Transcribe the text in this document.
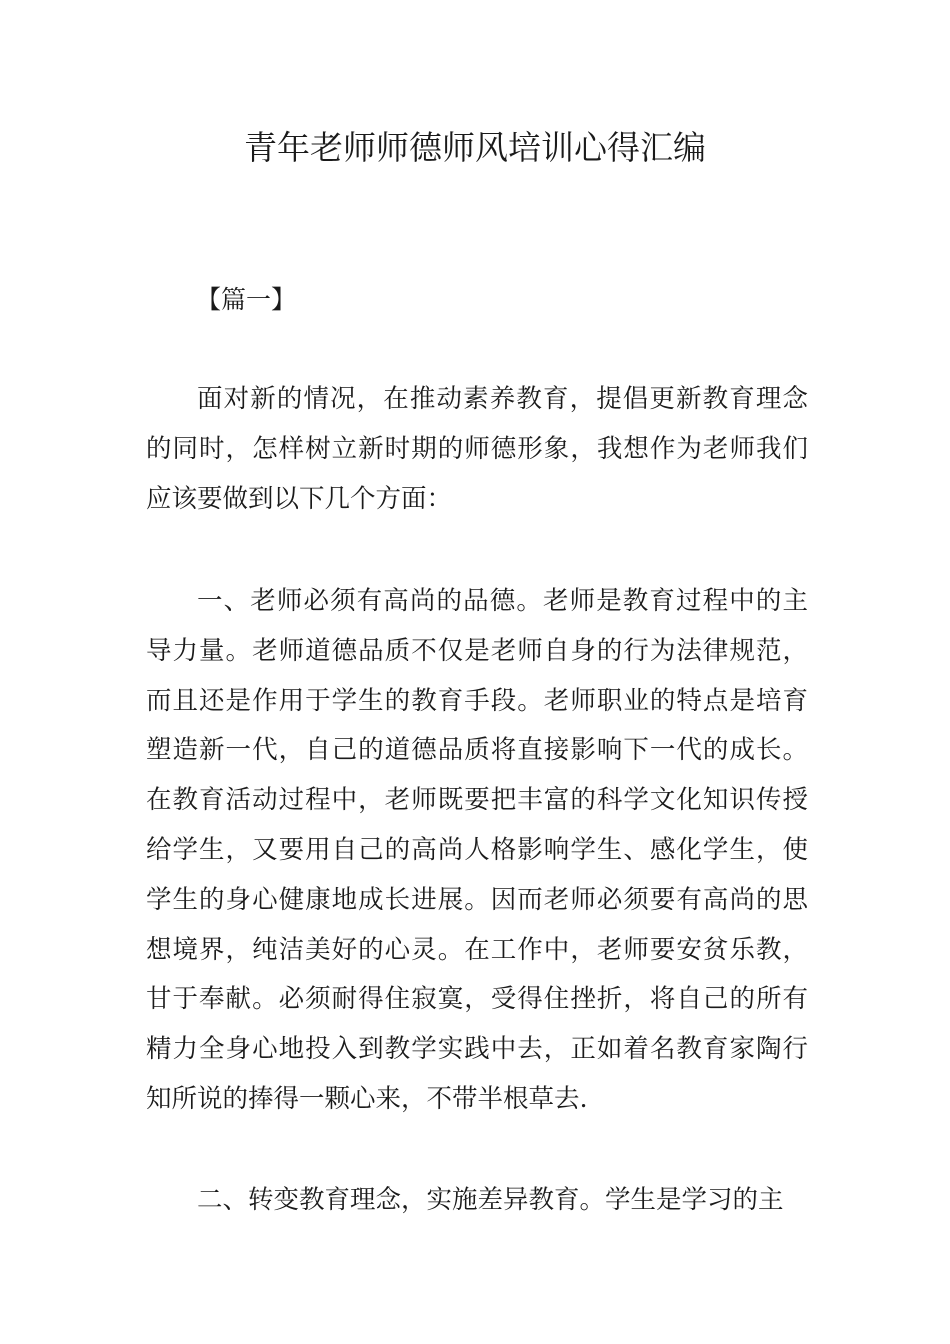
青年老师师德师风培训心得汇编

【篇一】

面对新的情况，在推动素养教育，提倡更新教育理念的同时，怎样树立新时期的师德形象，我想作为老师我们应该要做到以下几个方面：

一、老师必须有高尚的品德。老师是教育过程中的主导力量。老师道德品质不仅是老师自身的行为法律规范，而且还是作用于学生的教育手段。老师职业的特点是培育塑造新一代，自己的道德品质将直接影响下一代的成长。在教育活动过程中，老师既要把丰富的科学文化知识传授给学生，又要用自己的高尚人格影响学生、感化学生，使学生的身心健康地成长进展。因而老师必须要有高尚的思想境界，纯洁美好的心灵。在工作中，老师要安贫乐教，甘于奉献。必须耐得住寂寞，受得住挫折，将自己的所有精力全身心地投入到教学实践中去，正如着名教育家陶行知所说的捧得一颗心来，不带半根草去.

二、转变教育理念，实施差异教育。学生是学习的主
